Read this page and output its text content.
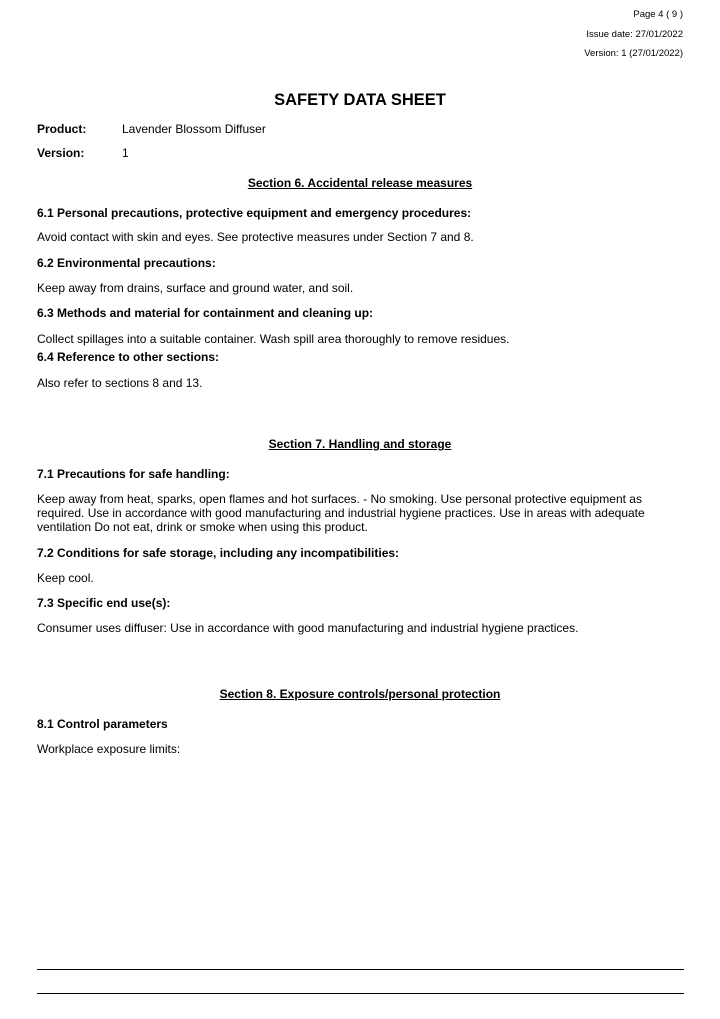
Page 4 ( 9 )
Issue date: 27/01/2022
Version: 1 (27/01/2022)
SAFETY DATA SHEET
Product:	Lavender Blossom Diffuser
Version:	1
Section 6. Accidental release measures
6.1 Personal precautions, protective equipment and emergency procedures:
Avoid contact with skin and eyes. See protective measures under Section 7 and 8.
6.2 Environmental precautions:
Keep away from drains, surface and ground water, and soil.
6.3 Methods and material for containment and cleaning up:
Collect spillages into a suitable container. Wash spill area thoroughly to remove residues.
6.4 Reference to other sections:
Also refer to sections 8 and 13.
Section 7. Handling and storage
7.1 Precautions for safe handling:
Keep away from heat, sparks, open flames and hot surfaces. - No smoking. Use personal protective equipment as
required. Use in accordance with good manufacturing and industrial hygiene practices. Use in areas with adequate
ventilation Do not eat, drink or smoke when using this product.
7.2 Conditions for safe storage, including any incompatibilities:
Keep cool.
7.3 Specific end use(s):
Consumer uses diffuser: Use in accordance with good manufacturing and industrial hygiene practices.
Section 8. Exposure controls/personal protection
8.1 Control parameters
Workplace exposure limits:
